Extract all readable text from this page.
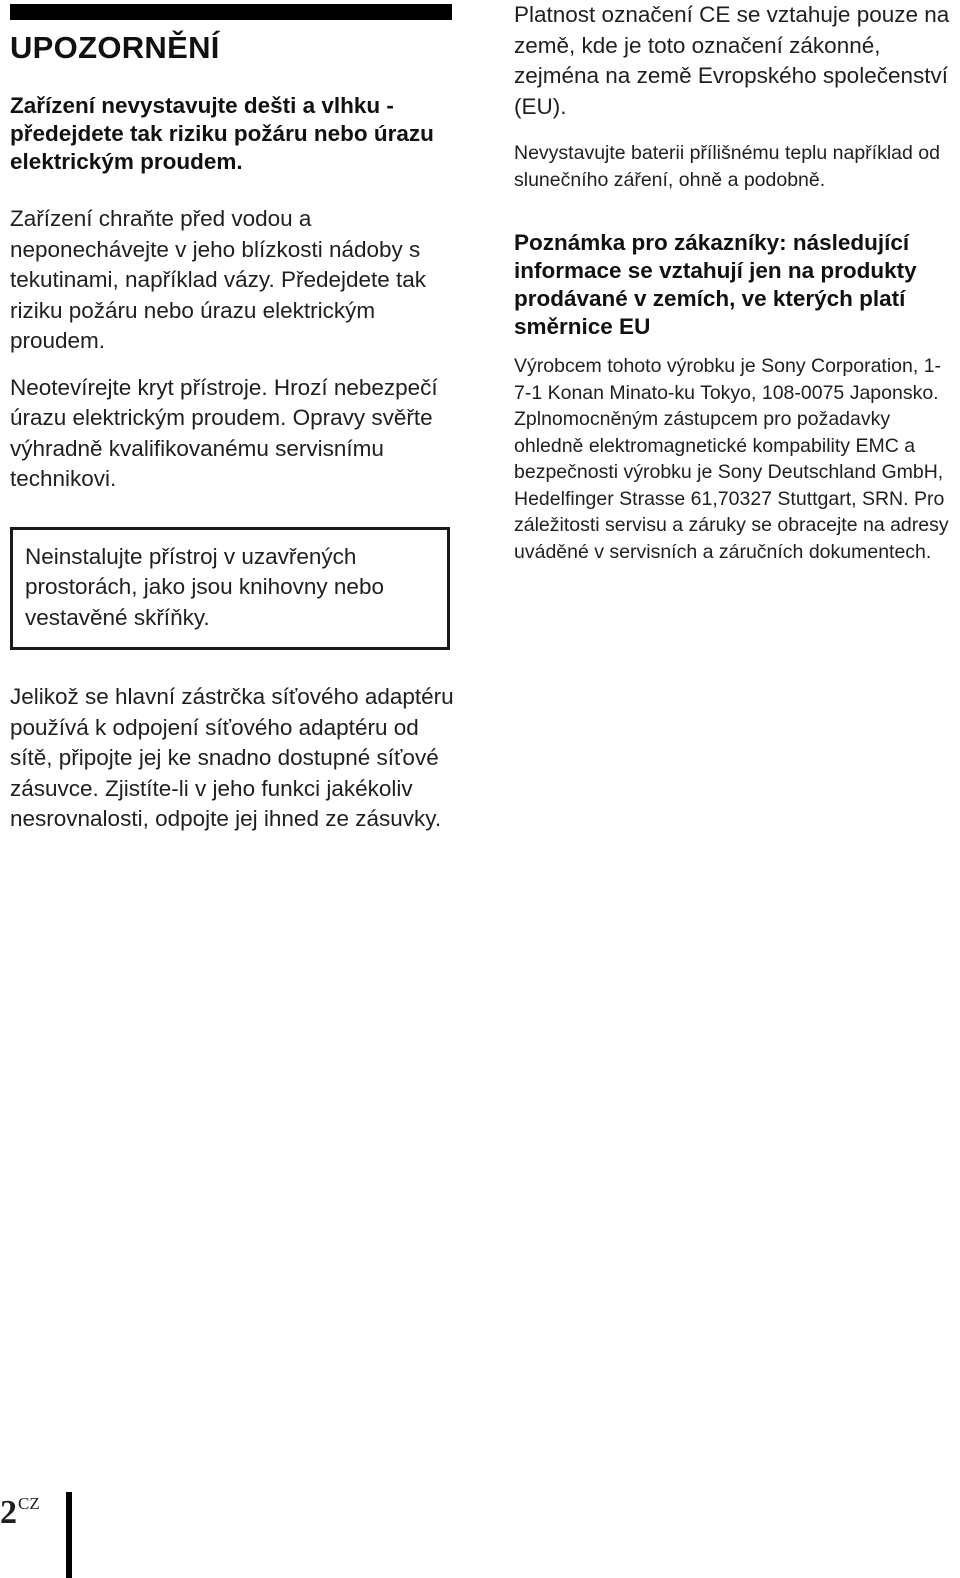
UPOZORNĚNÍ

Zařízení nevystavujte dešti a vlhku - předejdete tak riziku požáru nebo úrazu elektrickým proudem.

Zařízení chraňte před vodou a neponechávejte v jeho blízkosti nádoby s tekutinami, například vázy. Předejdete tak riziku požáru nebo úrazu elektrickým proudem.

Neotevírejte kryt přístroje. Hrozí nebezpečí úrazu elektrickým proudem. Opravy svěřte výhradně kvalifikovanému servisnímu technikovi.

Neinstalujte přístroj v uzavřených prostorách, jako jsou knihovny nebo vestavěné skříňky.

Jelikož se hlavní zástrčka síťového adaptéru používá k odpojení síťového adaptéru od sítě, připojte jej ke snadno dostupné síťové zásuvce. Zjistíte-li v jeho funkci jakékoliv nesrovnalosti, odpojte jej ihned ze zásuvky.

Platnost označení CE se vztahuje pouze na země, kde je toto označení zákonné, zejména na země Evropského společenství (EU).

Nevystavujte baterii přílišnému teplu například od slunečního záření, ohně a podobně.

Poznámka pro zákazníky: následující informace se vztahují jen na produkty prodávané v zemích, ve kterých platí směrnice EU

Výrobcem tohoto výrobku je Sony Corporation, 1-7-1 Konan Minato-ku Tokyo, 108-0075 Japonsko. Zplnomocněným zástupcem pro požadavky ohledně elektromagnetické kompability EMC a bezpečnosti výrobku je Sony Deutschland GmbH, Hedelfinger Strasse 61,70327 Stuttgart, SRN. Pro záležitosti servisu a záruky se obracejte na adresy uváděné v servisních a záručních dokumentech.

$2^{CZ}$
